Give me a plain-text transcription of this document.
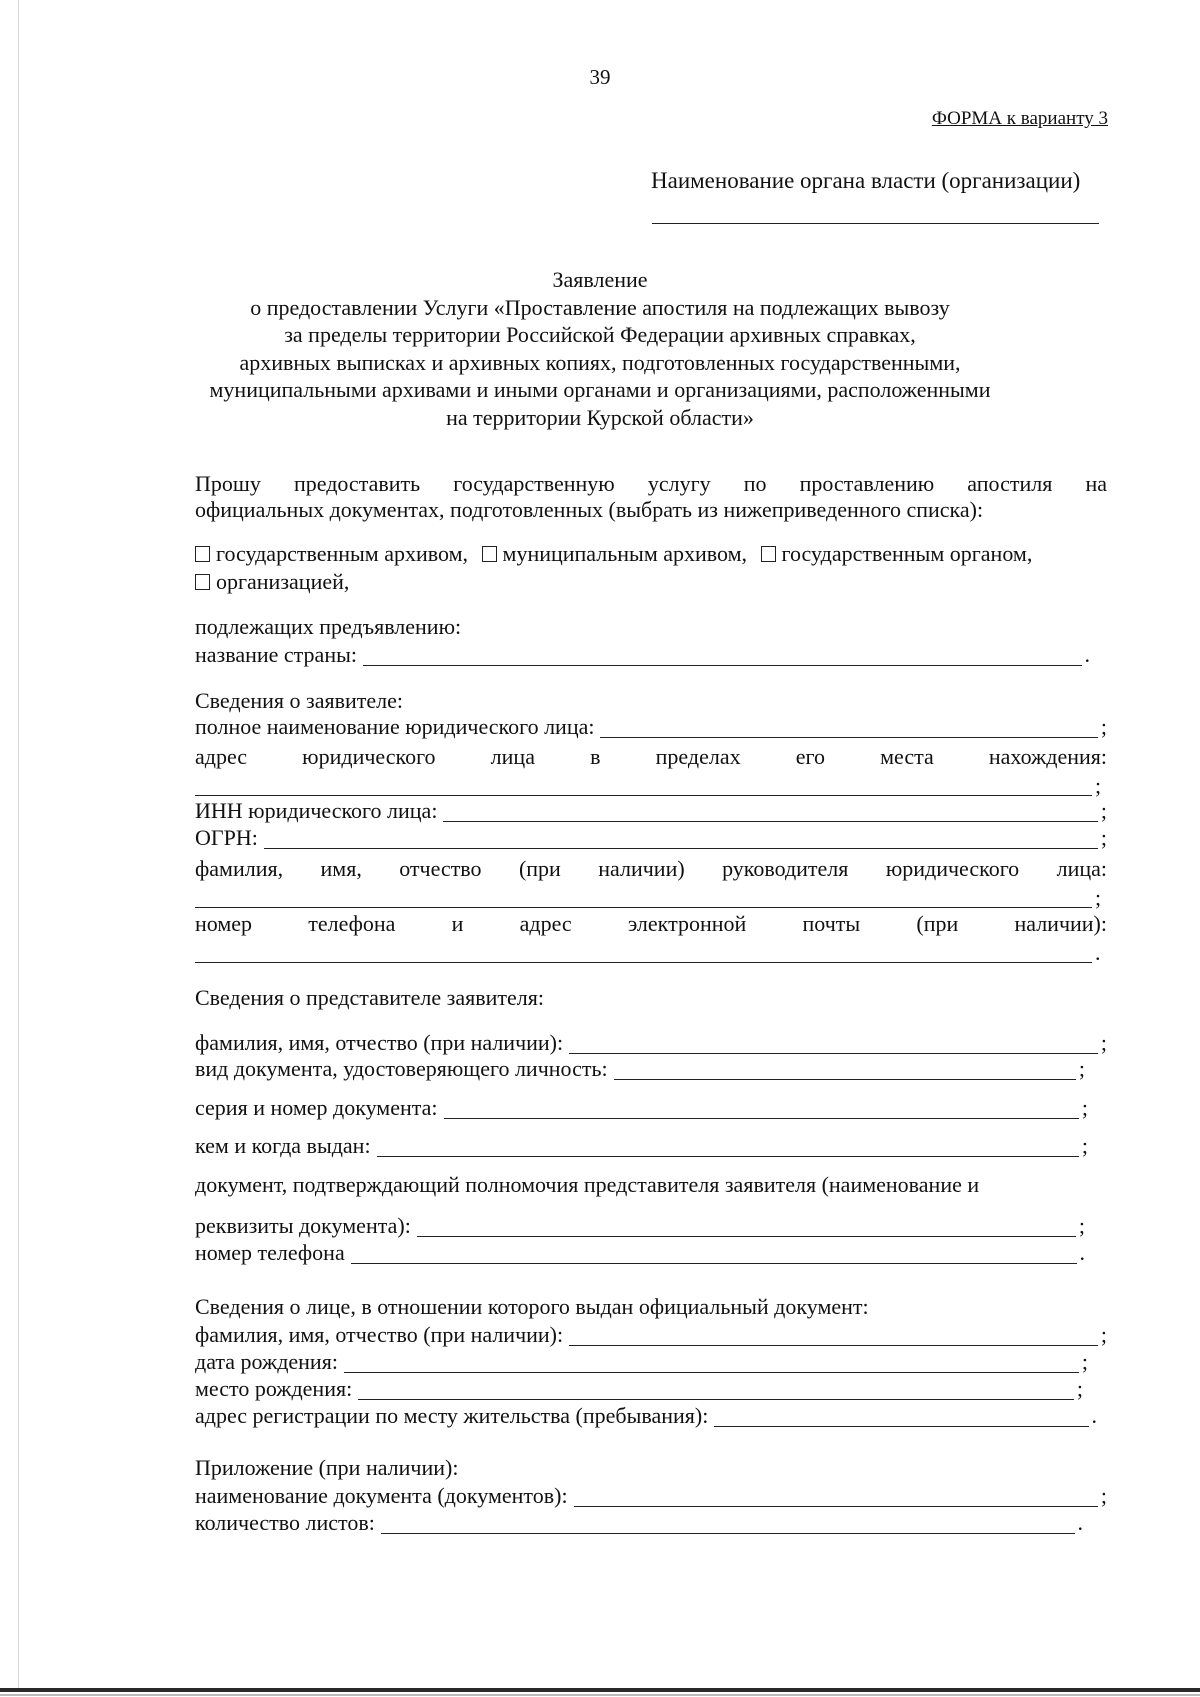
39
ФОРМА к варианту 3
Наименование органа власти (организации)
Заявление
о предоставлении Услуги «Проставление апостиля на подлежащих вывозу
за пределы территории Российской Федерации архивных справках,
архивных выписках и архивных копиях, подготовленных государственными,
муниципальными архивами и иными органами и организациями, расположенными
на территории Курской области»
Прошу предоставить государственную услугу по проставлению апостиля на
официальных документах, подготовленных (выбрать из нижеприведенного списка):
государственным архивом, муниципальным архивом, государственным органом,
организацией,
подлежащих предъявлению:
название страны:	.
Сведения о заявителе:
полное наименование юридического лица:	;
адрес юридического лица в пределах его места нахождения:
;
ИНН юридического лица:	;
ОГРН:	;
фамилия, имя, отчество (при наличии) руководителя юридического лица:
;
номер телефона и адрес электронной почты (при наличии):
.
Сведения о представителе заявителя:
фамилия, имя, отчество (при наличии):	;
вид документа, удостоверяющего личность:	;
серия и номер документа:	;
кем и когда выдан:	;
документ, подтверждающий полномочия представителя заявителя (наименование и
реквизиты документа):	;
номер телефона	.
Сведения о лице, в отношении которого выдан официальный документ:
фамилия, имя, отчество (при наличии):	;
дата рождения:	;
место рождения:	;
адрес регистрации по месту жительства (пребывания):	.
Приложение (при наличии):
наименование документа (документов):	;
количество листов:	.
